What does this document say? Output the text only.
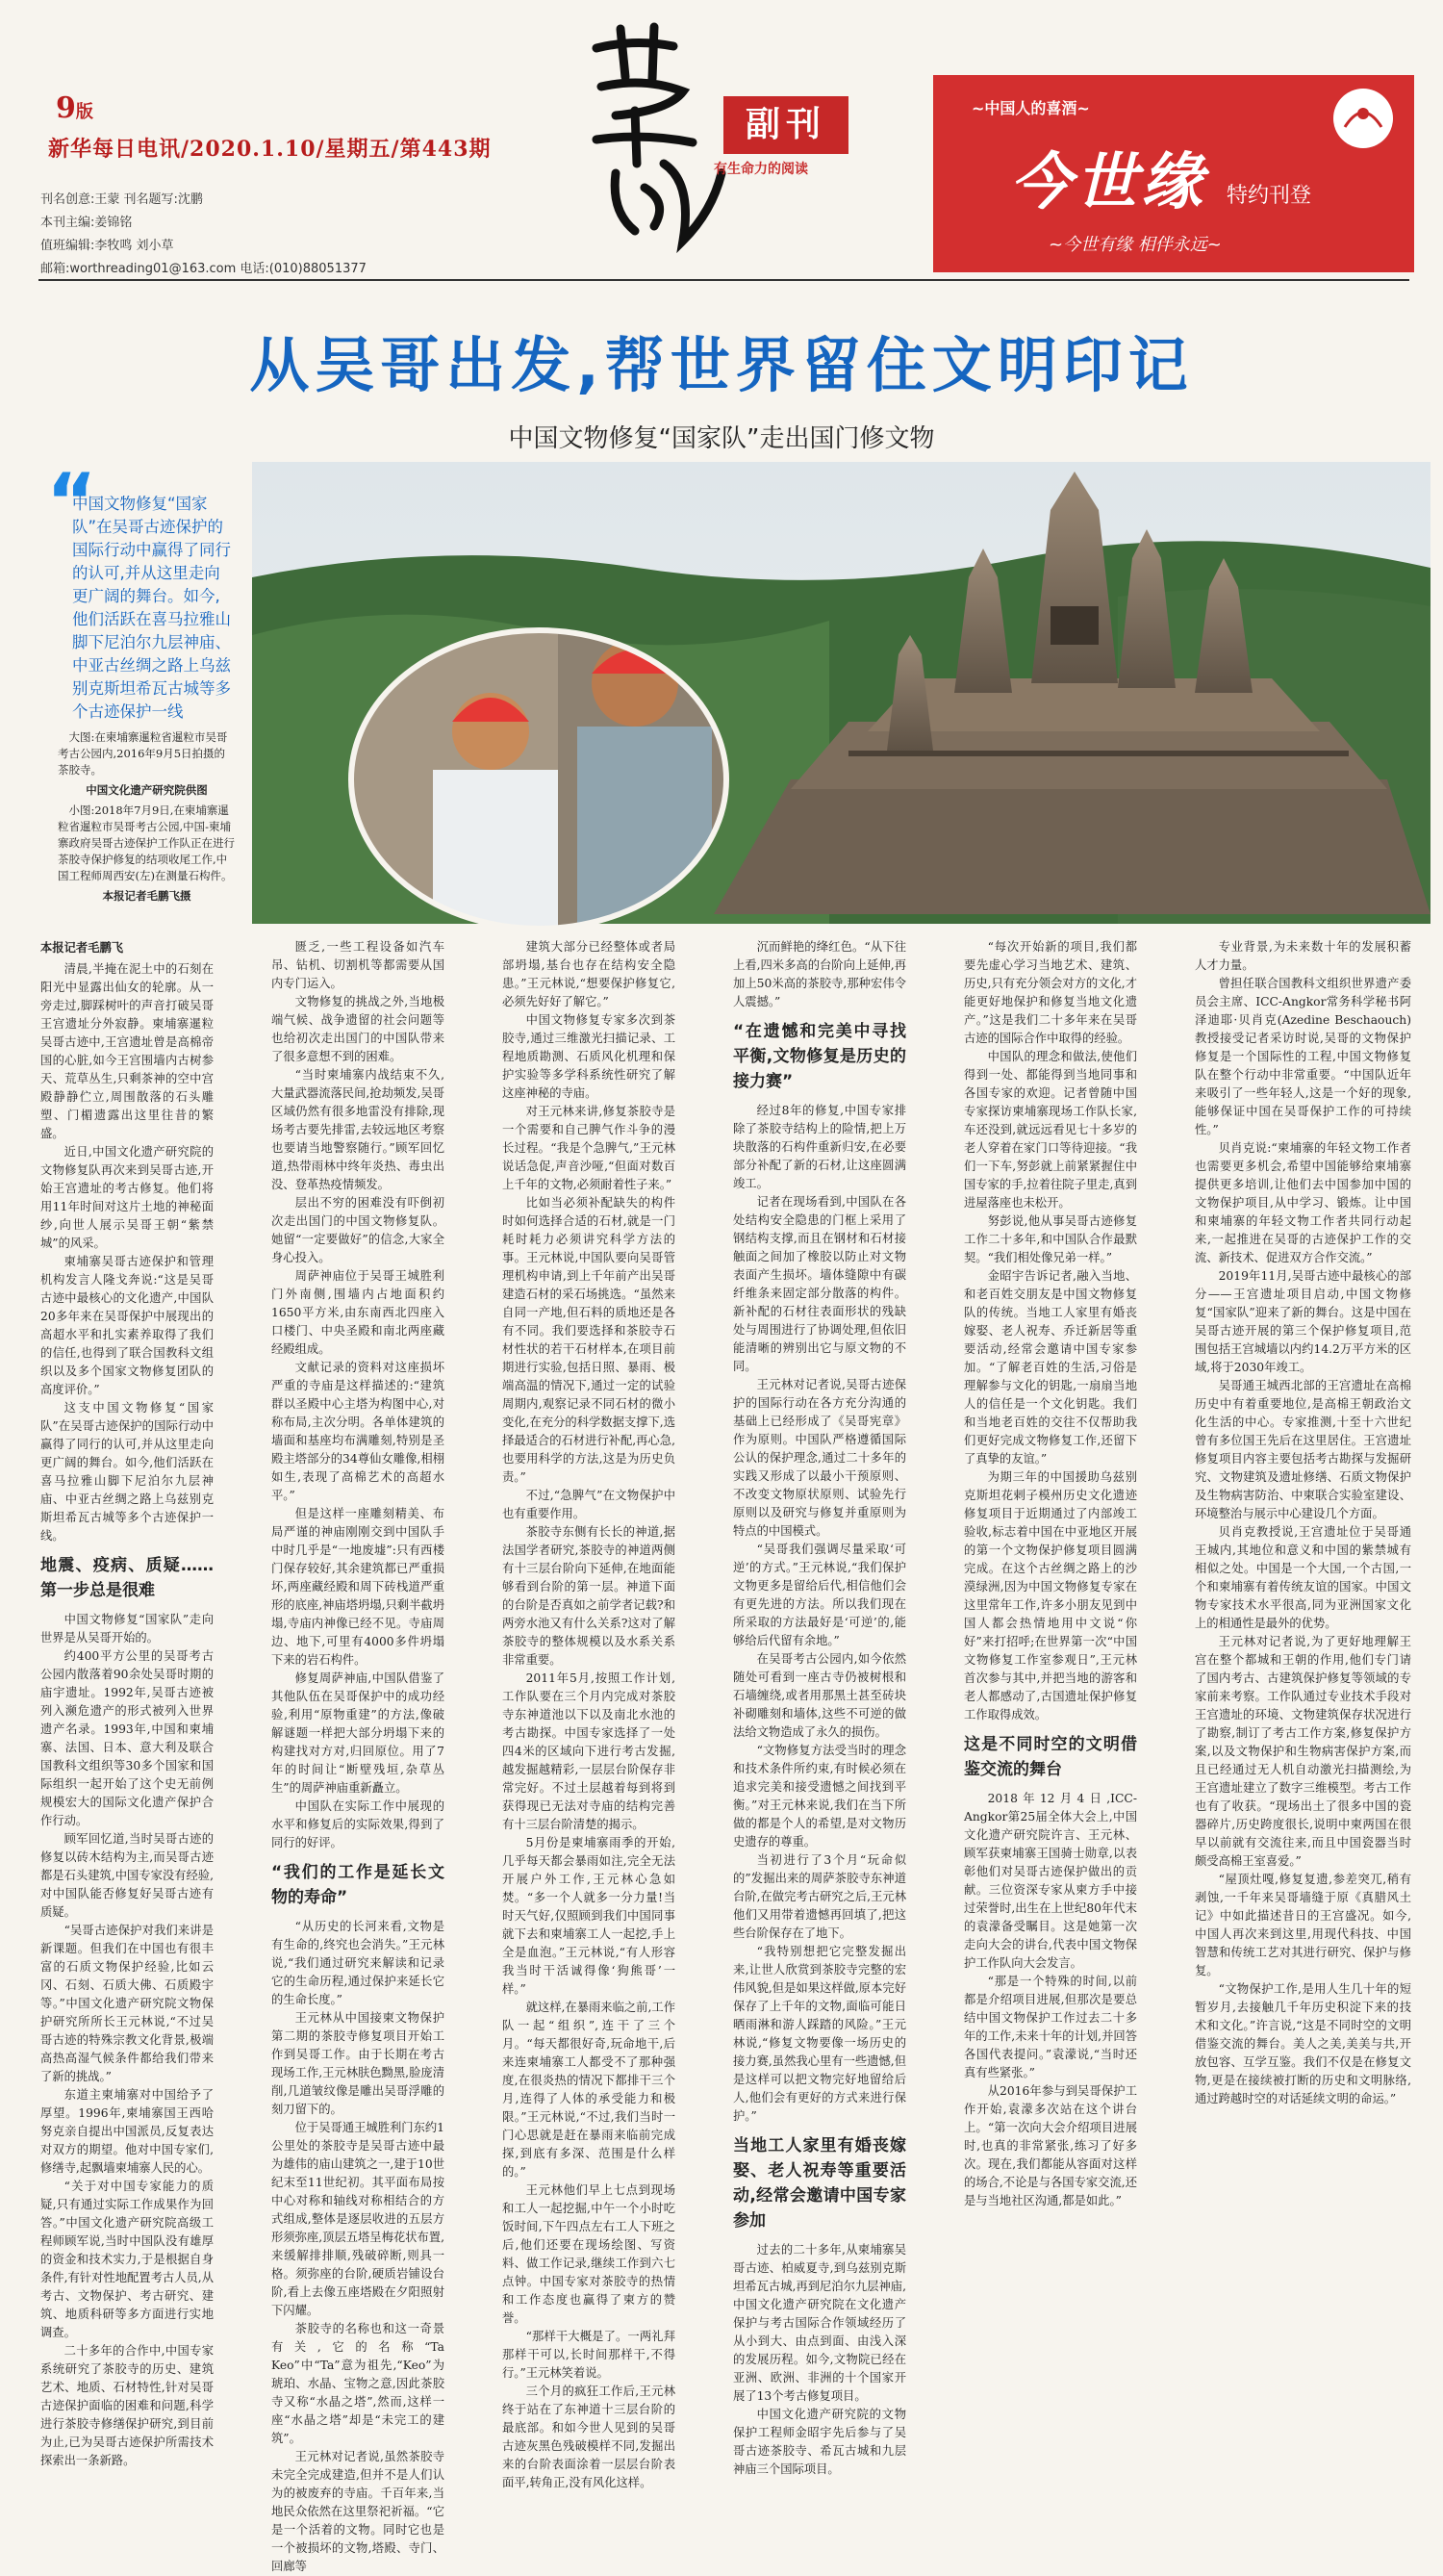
9版
新华每日电讯/2020.1.10/星期五/第443期
刊名创意:王蒙 刊名题写:沈鹏
本刊主编:姜锦铭
值班编辑:李牧鸣 刘小草
邮箱:worthreading01@163.com 电话:(010)88051377
草地
副刊
有生命力的阅读
~中国人的喜酒~
今世缘 特约刊登
~今世有缘 相伴永远~
从吴哥出发,帮世界留住文明印记
中国文物修复“国家队”走出国门修文物
“
中国文物修复“国家队”在吴哥古迹保护的国际行动中赢得了同行的认可,并从这里走向更广阔的舞台。如今,他们活跃在喜马拉雅山脚下尼泊尔九层神庙、中亚古丝绸之路上乌兹别克斯坦希瓦古城等多个古迹保护一线
大图:在柬埔寨暹粒省暹粒市吴哥考古公园内,2016年9月5日拍摄的茶胶寺。
中国文化遗产研究院供图
小图:2018年7月9日,在柬埔寨暹粒省暹粒市吴哥考古公园,中国-柬埔寨政府吴哥古迹保护工作队正在进行茶胶寺保护修复的结项收尾工作,中国工程师周西安(左)在测量石构件。
本报记者毛鹏飞摄

本报记者毛鹏飞

清晨,半掩在泥土中的石刻在阳光中显露出仙女的轮廓。从一旁走过,脚踩树叶的声音打破吴哥王宫遗址分外寂静。柬埔寨暹粒吴哥古迹中,王宫遗址曾是高棉帝国的心脏,如今王宫围墙内古树参天、荒草丛生,只剩茶神的空中宫殿静静伫立,周围散落的石头雕塑、门楣遗露出这里往昔的繁盛。

近日,中国文化遗产研究院的文物修复队再次来到吴哥古迹,开始王宫遗址的考古修复。他们将用11年时间对这片土地的神秘面纱,向世人展示吴哥王朝“紫禁城”的风采。

柬埔寨吴哥古迹保护和管理机构发言人隆戈奔说:“这是吴哥古迹中最核心的文化遗产,中国队20多年来在吴哥保护中展现出的高超水平和扎实素养取得了我们的信任,也得到了联合国教科文组织以及多个国家文物修复团队的高度评价。”

这支中国文物修复“国家队”在吴哥古迹保护的国际行动中赢得了同行的认可,并从这里走向更广阔的舞台。如今,他们活跃在喜马拉雅山脚下尼泊尔九层神庙、中亚古丝绸之路上乌兹别克斯坦希瓦古城等多个古迹保护一线。

地震、疫病、质疑……第一步总是很难

中国文物修复“国家队”走向世界是从吴哥开始的。

约400平方公里的吴哥考古公园内散落着90余处吴哥时期的庙宇遗址。1992年,吴哥古迹被列入濒危遗产的形式被列入世界遗产名录。1993年,中国和柬埔寨、法国、日本、意大利及联合国教科文组织等30多个国家和国际组织一起开始了这个史无前例规模宏大的国际文化遗产保护合作行动。

顾军回忆道,当时吴哥古迹的修复以砖木结构为主,而吴哥古迹都是石头建筑,中国专家没有经验,对中国队能否修复好吴哥古迹有质疑。

“吴哥古迹保护对我们来讲是新课题。但我们在中国也有很丰富的石质文物保护经验,比如云冈、石刻、石质大佛、石质殿宇等。”中国文化遗产研究院文物保护研究所所长王元林说,“不过吴哥古迹的特殊宗教文化背景,极端高热高湿气候条件都给我们带来了新的挑战。”

东道主柬埔寨对中国给予了厚望。1996年,柬埔寨国王西哈努克亲自提出中国派员,反复表达对双方的期望。他对中国专家们,修缮寺,起飘墙柬埔寨人民的心。

“关于对中国专家能力的质疑,只有通过实际工作成果作为回答。”中国文化遗产研究院高级工程师顾军说,当时中国队没有雄厚的资金和技术实力,于是根据自身条件,有针对性地配置考古人员,从考古、文物保护、考古研究、建筑、地质科研等多方面进行实地调查。

二十多年的合作中,中国专家系统研究了茶胶寺的历史、建筑艺术、地质、石材特性,针对吴哥古迹保护面临的困难和问题,科学进行茶胶寺修缮保护研究,到目前为止,已为吴哥古迹保护所需技术探索出一条新路。

匮乏,一些工程设备如汽车吊、钻机、切割机等都需要从国内专门运入。

文物修复的挑战之外,当地极端气候、战争遗留的社会问题等也给初次走出国门的中国队带来了很多意想不到的困难。

“当时柬埔寨内战结束不久,大量武器流落民间,抢劫频发,吴哥区域仍然有很多地雷没有排除,现场考古要先排雷,去较远地区考察也要请当地警察随行。”顾军回忆道,热带雨林中终年炎热、毒虫出没、登革热疫情频发。

层出不穷的困难没有吓倒初次走出国门的中国文物修复队。她留“一定要做好”的信念,大家全身心投入。

周萨神庙位于吴哥王城胜利门外南侧,围墙内占地面积约1650平方米,由东南西北四座入口楼门、中央圣殿和南北两座藏经殿组成。

文献记录的资料对这座损坏严重的寺庙是这样描述的:“建筑群以圣殿中心主塔为构图中心,对称布局,主次分明。各单体建筑的墙面和基座均布满雕刻,特别是圣殿主塔部分的34尊仙女雕像,相栩如生,表现了高棉艺术的高超水平。”

但是这样一座雕刻精美、布局严谨的神庙刚刚交到中国队手中时几乎是“一地废墟”:只有西楼门保存较好,其余建筑都已严重损坏,两座藏经殿和周下砖栈道严重形的底座,神庙塔坍塌,只剩半截坍塌,寺庙内神像已经不见。寺庙周边、地下,可里有4000多件坍塌下来的岩石构件。

修复周萨神庙,中国队借鉴了其他队伍在吴哥保护中的成功经验,利用“原物重建”的方法,像破解谜题一样把大部分坍塌下来的构建找对方对,归回原位。用了7年的时间让“断壁残垣,杂草丛生”的周萨神庙重新矗立。

中国队在实际工作中展现的水平和修复后的实际效果,得到了同行的好评。

“我们的工作是延长文物的寿命”

“从历史的长河来看,文物是有生命的,终究也会消失。”王元林说,“我们通过研究来解读和记录它的生命历程,通过保护来延长它的生命长度。”

王元林从中国接柬文物保护第二期的茶胶寺修复项目开始工作到吴哥工作。由于长期在考古现场工作,王元林肤色黝黑,脸庞清削,几道皱纹像是雕出吴哥浮雕的刻刀留下的。

位于吴哥通王城胜利门东约1公里处的茶胶寺是吴哥古迹中最为雄伟的庙山建筑之一,建于10世纪末至11世纪初。其平面布局按中心对称和轴线对称相结合的方式组成,整体是逐层收进的五层方形须弥座,顶层五塔呈梅花状布置,来缓解排排顺,残破碎断,则具一格。须弥座的台阶,硬质岩铺设台阶,看上去像五座塔殿在夕阳照射下闪耀。

茶胶寺的名称也和这一奇景有关,它的名称“Ta Keo”中“Ta”意为祖先,“Keo”为琥珀、水晶、宝物之意,因此茶胶寺又称“水晶之塔”,然而,这样一座“水晶之塔”却是“未完工的建筑”。

王元林对记者说,虽然茶胶寺未完全完成建造,但并不是人们认为的被废弃的寺庙。千百年来,当地民众依然在这里祭祀祈福。“它是一个活着的文物。同时它也是一个被损坏的文物,塔殿、寺门、回廊等

建筑大部分已经整体或者局部坍塌,基台也存在结构安全隐患。”王元林说,“想要保护修复它,必须先好好了解它。”

中国文物修复专家多次到茶胶寺,通过三维激光扫描记录、工程地质勘测、石质风化机理和保护实验等多学科系统性研究了解这座神秘的寺庙。

对王元林来讲,修复茶胶寺是一个需要和自己脾气作斗争的漫长过程。“我是个急脾气,”王元林说话急促,声音沙哑,“但面对数百上千年的文物,必须耐着性子来。”

比如当必须补配缺失的构件时如何选择合适的石材,就是一门耗时耗力必须讲究科学方法的事。王元林说,中国队要向吴哥管理机构申请,到上千年前产出吴哥建造石材的采石场挑选。“虽然来自同一产地,但石料的质地还是各有不同。我们要选择和茶胶寺石材性状的若干石材样本,在项目前期进行实验,包括日照、暴雨、极端高温的情况下,通过一定的试验周期内,观察记录不同石材的微小变化,在充分的科学数据支撑下,选择最适合的石材进行补配,再心急,也要用科学的方法,这是为历史负责。”

不过,“急脾气”在文物保护中也有重要作用。

茶胶寺东侧有长长的神道,据法国学者研究,茶胶寺的神道两侧有十三层台阶向下延伸,在地面能够看到台阶的第一层。神道下面的台阶是否真如之前学者记载?和两旁水池又有什么关系?这对了解茶胶寺的整体规模以及水系关系非常重要。

2011年5月,按照工作计划,工作队要在三个月内完成对茶胶寺东神道池以下以及南北水池的考古勘探。中国专家选择了一处四4米的区域向下进行考古发掘,越发掘越精彩,一层层台阶保存非常完好。不过土层越着每到将到获得现已无法对寺庙的结构完善有十三层台阶清楚的揭示。

5月份是柬埔寨雨季的开始,几乎每天都会暴雨如注,完全无法开展户外工作,王元林心急如焚。“多一个人就多一分力量!当时天气好,仅照顾到我们中国同事就下去和柬埔寨工人一起挖,手上全是血泡。”王元林说,“有人形容我当时干活诚得像‘狗熊哥’一样。”

就这样,在暴雨来临之前,工作队一起“组织”,连干了三个月。“每天都很好奇,玩命地干,后来连柬埔寨工人都受不了那种强度,在很炎热的情况下都排干三个月,连得了人体的承受能力和极限。”王元林说,“不过,我们当时一门心思就是赶在暴雨来临前完成探,到底有多深、范围是什么样的。”

王元林他们早上七点到现场和工人一起挖掘,中午一个小时吃饭时间,下午四点左右工人下班之后,他们还要在现场绘图、写资料、做工作记录,继续工作到六七点钟。中国专家对茶胶寺的热情和工作态度也赢得了柬方的赞誉。

“那样干大概是了。一两礼拜那样干可以,长时间那样干,不得行。”王元林笑着说。

三个月的疯狂工作后,王元林终于站在了东神道十三层台阶的最底部。和如今世人见到的吴哥古迹灰黑色残破模样不同,发掘出来的台阶表面涂着一层层台阶表面平,转角正,没有风化这样。

沉而鲜艳的绛红色。“从下往上看,四米多高的台阶向上延伸,再加上50米高的茶胶寺,那种宏伟令人震撼。”

“在遗憾和完美中寻找平衡,文物修复是历史的接力赛”

经过8年的修复,中国专家排除了茶胶寺结构上的险情,把上万块散落的石构件重新归安,在必要部分补配了新的石材,让这座圆满竣工。

记者在现场看到,中国队在各处结构安全隐患的门框上采用了钢结构支撑,而且在钢材和石材接触面之间加了橡胶以防止对文物表面产生损坏。墙体缝隙中有碳纤维条来固定部分散落的构件。新补配的石材往表面形状的残缺处与周围进行了协调处理,但依旧能清晰的辨别出它与原文物的不同。

王元林对记者说,吴哥古迹保护的国际行动在各方充分沟通的基础上已经形成了《吴哥宪章》作为原则。中国队严格遵循国际公认的保护理念,通过二十多年的实践又形成了以最小干预原则、不改变文物原状原则、试验先行原则以及研究与修复并重原则为特点的中国模式。

“吴哥我们强调尽量采取‘可逆’的方式。”王元林说,“我们保护文物更多是留给后代,相信他们会有更先进的方法。所以我们现在所采取的方法最好是‘可逆’的,能够给后代留有余地。”

在吴哥考古公园内,如今依然随处可看到一座古寺仍被树根和石墙缠绕,或者用那黑土甚至砖块补砌雕刻和墙体,这些不可逆的做法给文物造成了永久的损伤。

“文物修复方法受当时的理念和技术条件所约束,有时候必须在追求完美和接受遗憾之间找到平衡。”对王元林来说,我们在当下所做的都是个人的希望,是对文物历史遗存的尊重。

当初进行了3个月“玩命似的”发掘出来的周萨茶胶寺东神道台阶,在做完考古研究之后,王元林他们又用带着遗憾再回填了,把这些台阶保存在了地下。

“我特别想把它完整发掘出来,让世人欣赏到茶胶寺完整的宏伟风貌,但是如果这样做,原本完好保存了上千年的文物,面临可能日晒雨淋和游人踩踏的风险。”王元林说,“修复文物要像一场历史的接力赛,虽然我心里有一些遗憾,但是这样可以把文物完好地留给后人,他们会有更好的方式来进行保护。”

当地工人家里有婚丧嫁娶、老人祝寿等重要活动,经常会邀请中国专家参加

过去的二十多年,从柬埔寨吴哥古迹、柏威夏寺,到乌兹别克斯坦希瓦古城,再到尼泊尔九层神庙,中国文化遗产研究院在文化遗产保护与考古国际合作领域经历了从小到大、由点到面、由浅入深的发展历程。如今,文物院已经在亚洲、欧洲、非洲的十个国家开展了13个考古修复项目。

中国文化遗产研究院的文物保护工程师金昭宇先后参与了吴哥古迹茶胶寺、希瓦古城和九层神庙三个国际项目。

“每次开始新的项目,我们都要先虚心学习当地艺术、建筑、历史,只有充分领会对方的文化,才能更好地保护和修复当地文化遗产。”这是我们二十多年来在吴哥古迹的国际合作中取得的经验。

中国队的理念和做法,使他们得到一处、都能得到当地同事和各国专家的欢迎。记者曾随中国专家探访柬埔寨现场工作队长家,车还没到,就远远看见七十多岁的老人穿着在家门口等待迎接。“我们一下车,努彭就上前紧紧握住中国专家的手,拉着往院子里走,真到进屋落座也未松开。

努彭说,他从事吴哥古迹修复工作二十多年,和中国队合作最默契。“我们相处像兄弟一样。”

金昭宇告诉记者,融入当地、和老百姓交朋友是中国文物修复队的传统。当地工人家里有婚丧嫁娶、老人祝寿、乔迁新居等重要活动,经常会邀请中国专家参加。“了解老百姓的生活,习俗是理解参与文化的钥匙,一扇扇当地人的信任是一个文化钥匙。我们和当地老百姓的交往不仅帮助我们更好完成文物修复工作,还留下了真挚的友谊。”

为期三年的中国援助乌兹别克斯坦花剌子模州历史文化遗迹修复项目于近期通过了内部竣工验收,标志着中国在中亚地区开展的第一个文物保护修复项目圆满完成。在这个古丝绸之路上的沙漠绿洲,因为中国文物修复专家在这里常年工作,许多小朋友见到中国人都会热情地用中文说“你好”来打招呼;在世界第一次“中国文物修复工作室参观日”,王元林首次参与其中,并把当地的游客和老人都感动了,古国遗址保护修复工作取得成效。

这是不同时空的文明借鉴交流的舞台

2018年12月4日,ICC-Angkor第25届全体大会上,中国文化遗产研究院许言、王元林、顾军获柬埔寨王国骑士勋章,以表彰他们对吴哥古迹保护做出的贡献。三位资深专家从柬方手中接过荣誉时,出生在上世纪80年代末的袁濛备受瞩目。这是她第一次走向大会的讲台,代表中国文物保护工作队向大会发言。

“那是一个特殊的时间,以前都是介绍项目进展,但那次是要总结中国文物保护工作过去二十多年的工作,未来十年的计划,并回答各国代表提问。”袁濛说,“当时还真有些紧张。”

从2016年参与到吴哥保护工作开始,袁濛多次站在这个讲台上。“第一次向大会介绍项目进展时,也真的非常紧张,练习了好多次。现在,我们都能从容面对这样的场合,不论是与各国专家交流,还是与当地社区沟通,都是如此。”

专业背景,为未来数十年的发展积蓄人才力量。

曾担任联合国教科文组织世界遗产委员会主席、ICC-Angkor常务科学秘书阿泽迪耶·贝肖克(Azedine Beschaouch)教授接受记者采访时说,吴哥的文物保护修复是一个国际性的工程,中国文物修复队在整个行动中非常重要。“中国队近年来吸引了一些年轻人,这是一个好的现象,能够保证中国在吴哥保护工作的可持续性。”

贝肖克说:“柬埔寨的年轻文物工作者也需要更多机会,希望中国能够给柬埔寨提供更多培训,让他们去中国参加中国的文物保护项目,从中学习、锻炼。让中国和柬埔寨的年轻文物工作者共同行动起来,一起推进在吴哥的古迹保护工作的交流、新技术、促进双方合作交流。”

2019年11月,吴哥古迹中最核心的部分——王宫遗址项目启动,中国文物修复“国家队”迎来了新的舞台。这是中国在吴哥古迹开展的第三个保护修复项目,范围包括王宫城墙以内约14.2万平方米的区域,将于2030年竣工。

吴哥通王城西北部的王宫遗址在高棉历史中有着重要地位,是高棉王朝政治文化生活的中心。专家推测,十至十六世纪曾有多位国王先后在这里居住。王宫遗址修复项目内容主要包括考古勘探与发掘研究、文物建筑及遗址修缮、石质文物保护及生物病害防治、中柬联合实验室建设、环境整治与展示中心建设几个方面。

贝肖克教授说,王宫遗址位于吴哥通王城内,其地位和意义和中国的紫禁城有相似之处。中国是一个大国,一个古国,一个和柬埔寨有着传统友谊的国家。中国文物专家技术水平很高,同为亚洲国家文化上的相通性是最外的优势。

王元林对记者说,为了更好地理解王宫在整个都城和王朝的作用,他们专门请了国内考古、古建筑保护修复等领域的专家前来考察。工作队通过专业技术手段对王宫遗址的环境、文物建筑保存状况进行了勘察,制订了考古工作方案,修复保护方案,以及文物保护和生物病害保护方案,而且已经通过无人机自动激光扫描测绘,为王宫遗址建立了数字三维模型。考古工作也有了收获。“现场出土了很多中国的瓷器碎片,历史跨度很长,说明中柬两国在很早以前就有交流往来,而且中国瓷器当时颇受高棉王室喜爱。”

“屋顶灶嘎,修复复遗,参差突兀,稍有剥蚀,一千年来吴哥墙缝于原《真腊风土记》中如此描述昔日的王宫盛况。如今,中国人再次来到这里,用现代科技、中国智慧和传统工艺对其进行研究、保护与修复。

“文物保护工作,是用人生几十年的短暂岁月,去接触几千年历史积淀下来的技术和文化。”许言说,“这是不同时空的文明借鉴交流的舞台。美人之美,美美与共,开放包容、互学互鉴。我们不仅是在修复文物,更是在接续被打断的历史和文明脉络,通过跨越时空的对话延续文明的命运。”
